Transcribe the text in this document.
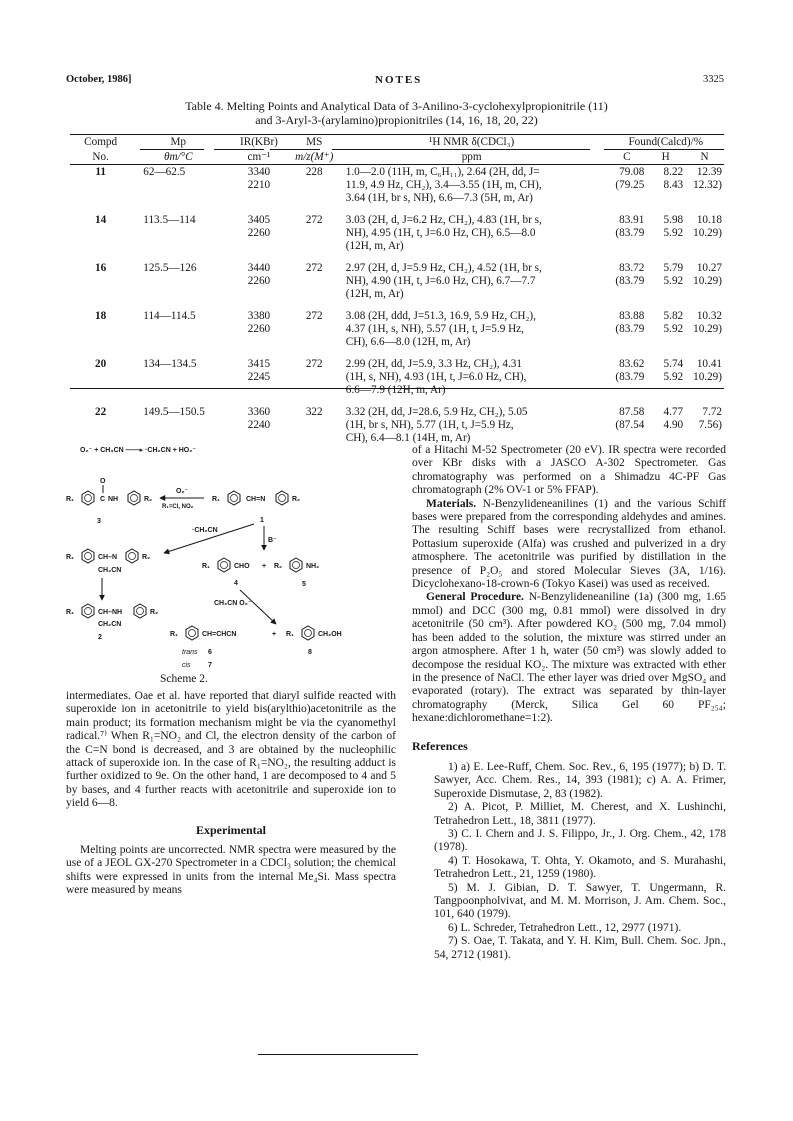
October, 1986]	NOTES	3325
Table 4. Melting Points and Analytical Data of 3-Anilino-3-cyclohexylpropionitrile (11)
and 3-Aryl-3-(arylamino)propionitriles (14, 16, 18, 20, 22)
Compd	Mp	IR(KBr)	MS	¹H NMR δ(CDCl₃)	Found(Calcd)/%		
No.	θm/°C	cm⁻¹	m/z(M⁺)	ppm	C	H	N
11	62—62.5	3340	228	1.0—2.0 (11H, m, C₆H₁₁), 2.64 (2H, dd, J=	79.08	8.22	12.39
		2210		11.9, 4.9 Hz, CH₂), 3.4—3.55 (1H, m, CH),	(79.25	8.43	12.32)
				3.64 (1H, br s, NH), 6.6—7.3 (5H, m, Ar)			

14	113.5—114	3405	272	3.03 (2H, d, J=6.2 Hz, CH₂), 4.83 (1H, br s,	83.91	5.98	10.18
		2260		NH), 4.95 (1H, t, J=6.0 Hz, CH), 6.5—8.0	(83.79	5.92	10.29)
				(12H, m, Ar)			

16	125.5—126	3440	272	2.97 (2H, d, J=5.9 Hz, CH₂), 4.52 (1H, br s,	83.72	5.79	10.27
		2260		NH), 4.90 (1H, t, J=6.0 Hz, CH), 6.7—7.7	(83.79	5.92	10.29)
				(12H, m, Ar)			

18	114—114.5	3380	272	3.08 (2H, ddd, J=51.3, 16.9, 5.9 Hz, CH₂),	83.88	5.82	10.32
		2260		4.37 (1H, s, NH), 5.57 (1H, t, J=5.9 Hz,	(83.79	5.92	10.29)
				CH), 6.6—8.0 (12H, m, Ar)			

20	134—134.5	3415	272	2.99 (2H, dd, J=5.9, 3.3 Hz, CH₂), 4.31	83.62	5.74	10.41
		2245		(1H, s, NH), 4.93 (1H, t, J=6.0 Hz, CH),	(83.79	5.92	10.29)
				6.6—7.9 (12H, m, Ar)			

22	149.5—150.5	3360	322	3.32 (2H, dd, J=28.6, 5.9 Hz, CH₂), 5.05	87.58	4.77	7.72
		2240		(1H, br s, NH), 5.77 (1H, t, J=5.9 Hz,	(87.54	4.90	7.56)
				CH), 6.4—8.1 (14H, m, Ar)			
O₂⁻ + CH₃CN ——▸ ·CH₂CN + HO₂⁻
R₁	C
O
NH	R₂
3
O₂⁻
R₁=Cl, NO₂
R₁	CH=N	R₂
1
·CH₂CN
B⁻
R₁	CH–N	R₂
CH₂CN
R₁	CHO + R₂	NH₂
4	5
R₁	CH–NH	R₂
CH₂CN
2
CH₂CN O₂⁻
R₁	CH=CHCN	+ R₁	CH₂OH
trans 6
cis 7
8
Scheme 2.

intermediates. Oae et al. have reported that diaryl sulfide reacted with superoxide ion in acetonitrile to yield bis(arylthio)acetonitrile as the main product; its formation mechanism might be via the cyanomethyl radical.⁷⁾ When R₁=NO₂ and Cl, the electron density of the carbon of the C=N bond is decreased, and 3 are obtained by the nucleophilic attack of superoxide ion. In the case of R₁=NO₂, the resulting adduct is further oxidized to 9e. On the other hand, 1 are decomposed to 4 and 5 by bases, and 4 further reacts with acetonitrile and superoxide ion to yield 6—8.

Experimental

Melting points are uncorrected. NMR spectra were measured by the use of a JEOL GX-270 Spectrometer in a CDCl₃ solution; the chemical shifts were expressed in units from the internal Me₄Si. Mass spectra were measured by means

of a Hitachi M-52 Spectrometer (20 eV). IR spectra were recorded over KBr disks with a JASCO A-302 Spectrometer. Gas chromatography was performed on a Shimadzu 4C-PF Gas chromatograph (2% OV-1 or 5% FFAP).

Materials. N-Benzylideneanilines (1) and the various Schiff bases were prepared from the corresponding aldehydes and amines. The resulting Schiff bases were recrystallized from ethanol. Pottasium superoxide (Alfa) was crushed and pulverized in a dry atmosphere. The acetonitrile was purified by distillation in the presence of P₂O₅ and stored Molecular Sieves (3A, 1/16). Dicyclohexano-18-crown-6 (Tokyo Kasei) was used as received.

General Procedure. N-Benzylideneaniline (1a) (300 mg, 1.65 mmol) and DCC (300 mg, 0.81 mmol) were dissolved in dry acetonitrile (50 cm³). After powdered KO₂ (500 mg, 7.04 mmol) has been added to the solution, the mixture was stirred under an argon atmosphere. After 1 h, water (50 cm³) was slowly added to decompose the residual KO₂. The mixture was extracted with ether in the presence of NaCl. The ether layer was dried over MgSO₄ and evaporated (rotary). The extract was separated by thin-layer chromatography (Merck, Silica Gel 60 PF₂₅₄; hexane:dichloromethane=1:2).

References

1) a) E. Lee-Ruff, Chem. Soc. Rev., 6, 195 (1977); b) D. T. Sawyer, Acc. Chem. Res., 14, 393 (1981); c) A. A. Frimer, Superoxide Dismutase, 2, 83 (1982).

2) A. Picot, P. Milliet, M. Cherest, and X. Lushinchi, Tetrahedron Lett., 18, 3811 (1977).

3) C. I. Chern and J. S. Filippo, Jr., J. Org. Chem., 42, 178 (1978).

4) T. Hosokawa, T. Ohta, Y. Okamoto, and S. Murahashi, Tetrahedron Lett., 21, 1259 (1980).

5) M. J. Gibian, D. T. Sawyer, T. Ungermann, R. Tangpoonpholvivat, and M. M. Morrison, J. Am. Chem. Soc., 101, 640 (1979).

6) L. Schreder, Tetrahedron Lett., 12, 2977 (1971).

7) S. Oae, T. Takata, and Y. H. Kim, Bull. Chem. Soc. Jpn., 54, 2712 (1981).
